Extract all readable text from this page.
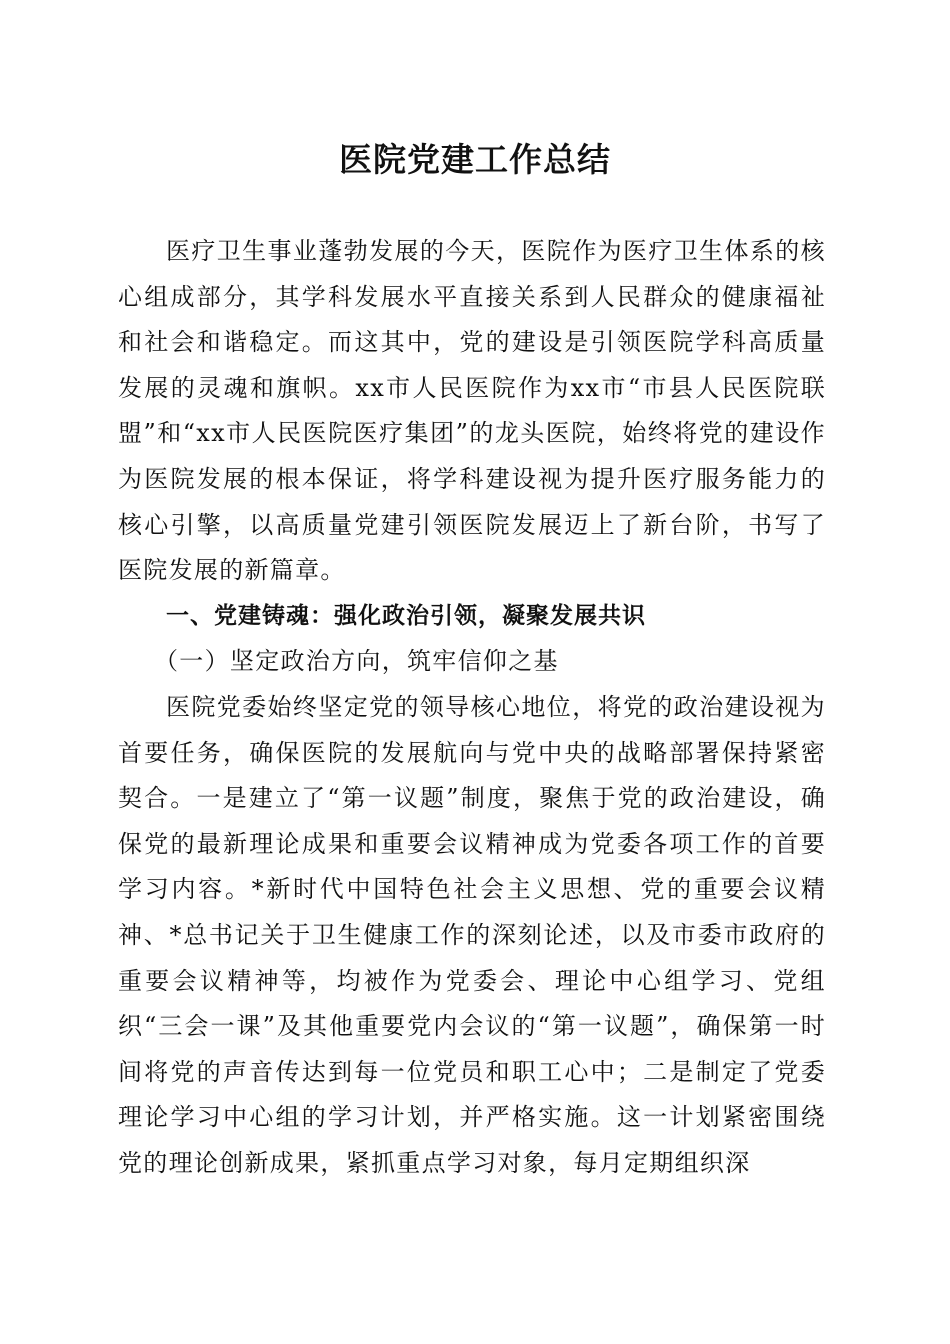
医院党建工作总结

医疗卫生事业蓬勃发展的今天，医院作为医疗卫生体系的核心组成部分，其学科发展水平直接关系到人民群众的健康福祉和社会和谐稳定。而这其中，党的建设是引领医院学科高质量发展的灵魂和旗帜。xx市人民医院作为xx市“市县人民医院联盟”和“xx市人民医院医疗集团”的龙头医院，始终将党的建设作为医院发展的根本保证，将学科建设视为提升医疗服务能力的核心引擎，以高质量党建引领医院发展迈上了新台阶，书写了医院发展的新篇章。

一、党建铸魂：强化政治引领，凝聚发展共识

（一）坚定政治方向，筑牢信仰之基

医院党委始终坚定党的领导核心地位，将党的政治建设视为首要任务，确保医院的发展航向与党中央的战略部署保持紧密契合。一是建立了“第一议题”制度，聚焦于党的政治建设，确保党的最新理论成果和重要会议精神成为党委各项工作的首要学习内容。*新时代中国特色社会主义思想、党的重要会议精神、*总书记关于卫生健康工作的深刻论述，以及市委市政府的重要会议精神等，均被作为党委会、理论中心组学习、党组织“三会一课”及其他重要党内会议的“第一议题”，确保第一时间将党的声音传达到每一位党员和职工心中；二是制定了党委理论学习中心组的学习计划，并严格实施。这一计划紧密围绕党的理论创新成果，紧抓重点学习对象，每月定期组织深
